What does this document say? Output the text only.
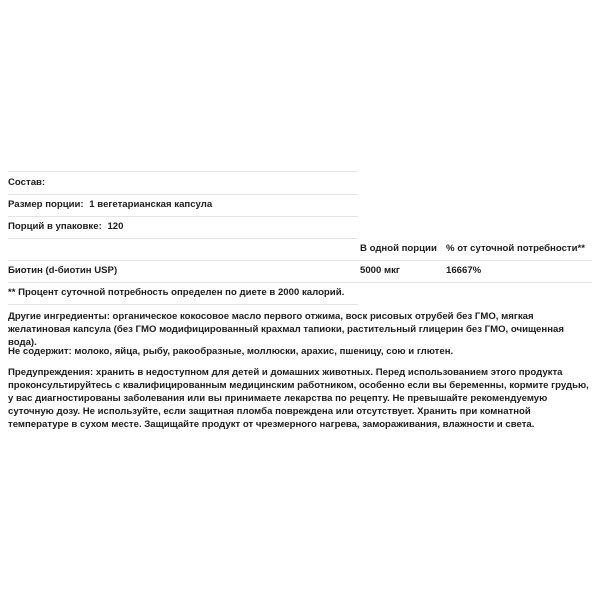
Состав:
Размер порции: 1 вегетарианская капсула
Порций в упаковке: 120
В одной порции % от суточной потребности**
Биотин (d-биотин USP)	5000 мкг	16667%
** Процент суточной потребность определен по диете в 2000 калорий.
Другие ингредиенты: органическое кокосовое масло первого отжима, воск рисовых отрубей без ГМО, мягкая желатиновая капсула (без ГМО модифицированный крахмал тапиоки, растительный глицерин без ГМО, очищенная вода).
Не содержит: молоко, яйца, рыбу, ракообразные, моллюски, арахис, пшеницу, сою и глютен.
Предупреждения: хранить в недоступном для детей и домашних животных. Перед использованием этого продукта проконсультируйтесь с квалифицированным медицинским работником, особенно если вы беременны, кормите грудью, у вас диагностированы заболевания или вы принимаете лекарства по рецепту. Не превышайте рекомендуемую суточную дозу. Не используйте, если защитная пломба повреждена или отсутствует. Хранить при комнатной температуре в сухом месте. Защищайте продукт от чрезмерного нагрева, замораживания, влажности и света.
